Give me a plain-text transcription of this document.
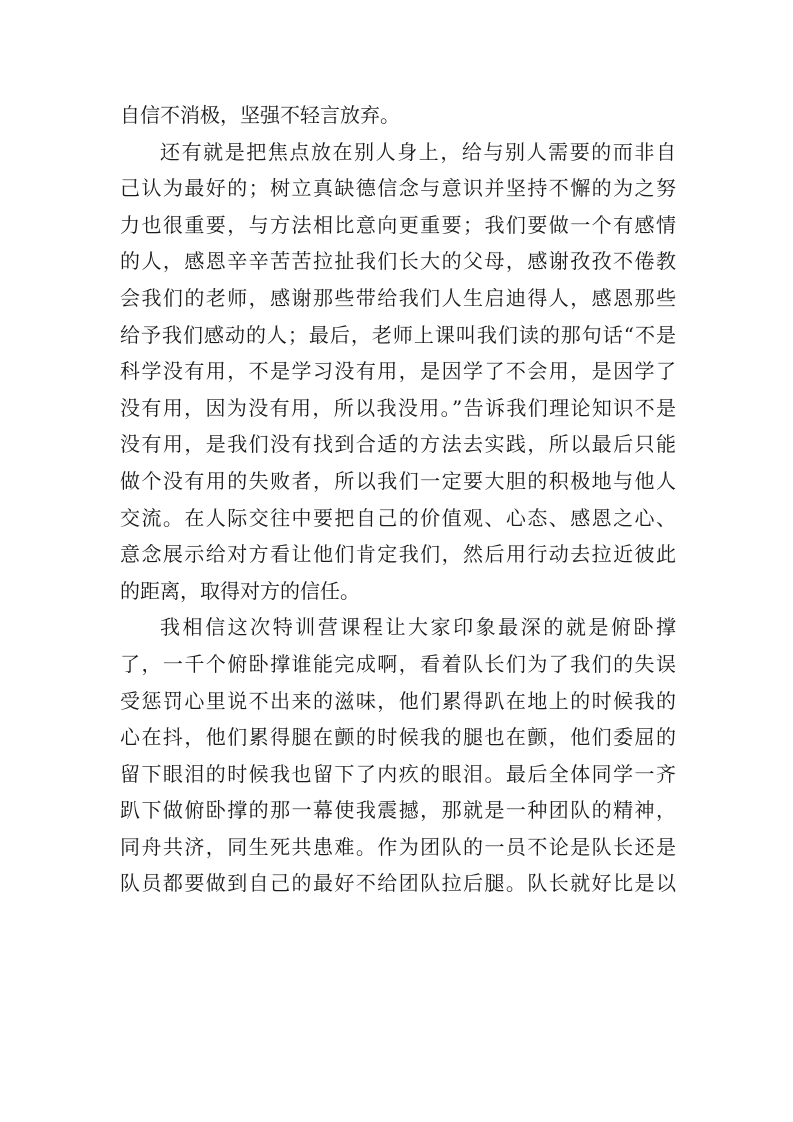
自信不消极，坚强不轻言放弃。
还有就是把焦点放在别人身上，给与别人需要的而非自
己认为最好的；树立真缺德信念与意识并坚持不懈的为之努
力也很重要，与方法相比意向更重要；我们要做一个有感情
的人，感恩辛辛苦苦拉扯我们长大的父母，感谢孜孜不倦教
会我们的老师，感谢那些带给我们人生启迪得人，感恩那些
给予我们感动的人；最后，老师上课叫我们读的那句话“不是
科学没有用，不是学习没有用，是因学了不会用，是因学了
没有用，因为没有用，所以我没用。”告诉我们理论知识不是
没有用，是我们没有找到合适的方法去实践，所以最后只能
做个没有用的失败者，所以我们一定要大胆的积极地与他人
交流。在人际交往中要把自己的价值观、心态、感恩之心、
意念展示给对方看让他们肯定我们，然后用行动去拉近彼此
的距离，取得对方的信任。
我相信这次特训营课程让大家印象最深的就是俯卧撑
了，一千个俯卧撑谁能完成啊，看着队长们为了我们的失误
受惩罚心里说不出来的滋味，他们累得趴在地上的时候我的
心在抖，他们累得腿在颤的时候我的腿也在颤，他们委屈的
留下眼泪的时候我也留下了内疚的眼泪。最后全体同学一齐
趴下做俯卧撑的那一幕使我震撼，那就是一种团队的精神，
同舟共济，同生死共患难。作为团队的一员不论是队长还是
队员都要做到自己的最好不给团队拉后腿。队长就好比是以
